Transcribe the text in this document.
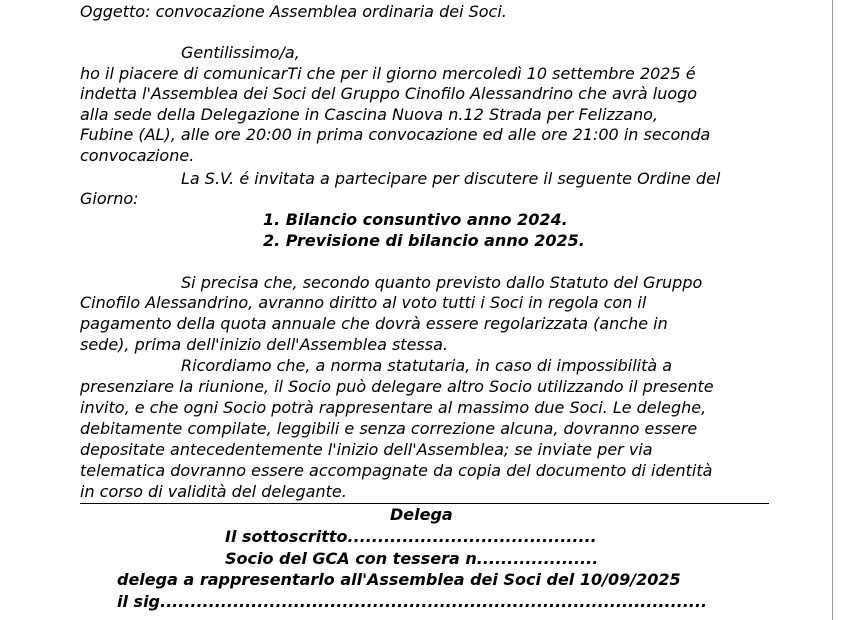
Oggetto: convocazione Assemblea ordinaria dei Soci.
Gentilissimo/a,
ho il piacere di comunicarTi che per il giorno mercoledì 10 settembre 2025 é
indetta l'Assemblea dei Soci del Gruppo Cinofilo Alessandrino che avrà luogo
alla sede della Delegazione in Cascina Nuova n.12 Strada per Felizzano,
Fubine (AL), alle ore 20:00 in prima convocazione ed alle ore 21:00 in seconda
convocazione.
La S.V. é invitata a partecipare per discutere il seguente Ordine del
Giorno:
1. Bilancio consuntivo anno 2024.
2. Previsione di bilancio anno 2025.
Si precisa che, secondo quanto previsto dallo Statuto del Gruppo
Cinofilo Alessandrino, avranno diritto al voto tutti i Soci in regola con il
pagamento della quota annuale che dovrà essere regolarizzata (anche in
sede), prima dell'inizio dell'Assemblea stessa.
Ricordiamo che, a norma statutaria, in caso di impossibilità a
presenziare la riunione, il Socio può delegare altro Socio utilizzando il presente
invito, e che ogni Socio potrà rappresentare al massimo due Soci. Le deleghe,
debitamente compilate, leggibili e senza correzione alcuna, dovranno essere
depositate antecedentemente l'inizio dell'Assemblea; se inviate per via
telematica dovranno essere accompagnate da copia del documento di identità
in corso di validità del delegante.
Delega
Il sottoscritto.........................................
Socio del GCA con tessera n....................
delega a rappresentarlo all'Assemblea dei Soci del 10/09/2025
il sig..........................................................................................
